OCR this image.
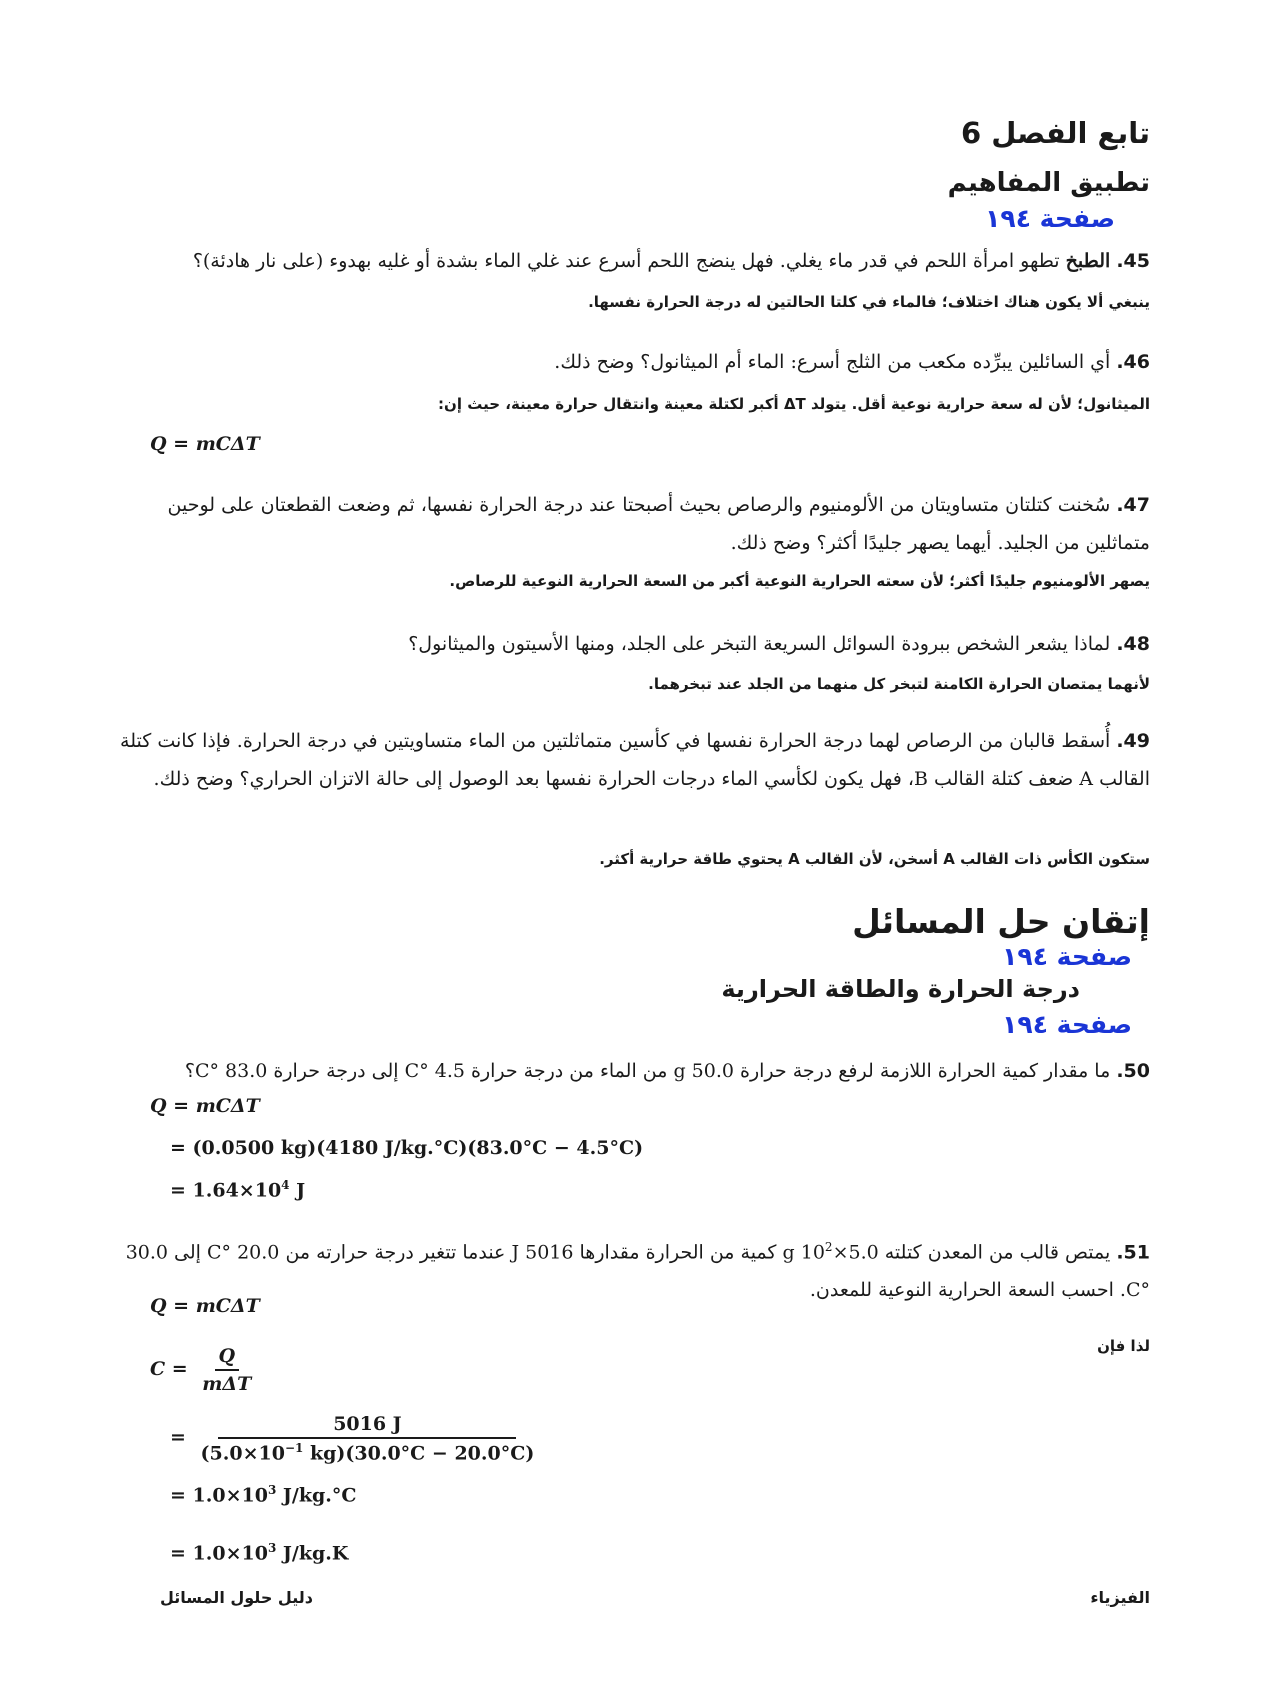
تابع الفصل 6
تطبيق المفاهيم
صفحة ١٩٤
45. الطبخ تطهو امرأة اللحم في قدر ماء يغلي. فهل ينضج اللحم أسرع عند غلي الماء بشدة أو غليه بهدوء (على نار هادئة)؟
ينبغي ألا يكون هناك اختلاف؛ فالماء في كلتا الحالتين له درجة الحرارة نفسها.
46. أي السائلين يبرِّده مكعب من الثلج أسرع: الماء أم الميثانول؟ وضح ذلك.
الميثانول؛ لأن له سعة حرارية نوعية أقل. يتولد ΔT أكبر لكتلة معينة وانتقال حرارة معينة، حيث إن:
Q = mCΔT
47. سُخنت كتلتان متساويتان من الألومنيوم والرصاص بحيث أصبحتا عند درجة الحرارة نفسها، ثم وضعت القطعتان على لوحين متماثلين من الجليد. أيهما يصهر جليدًا أكثر؟ وضح ذلك.
يصهر الألومنيوم جليدًا أكثر؛ لأن سعته الحرارية النوعية أكبر من السعة الحرارية النوعية للرصاص.
48. لماذا يشعر الشخص ببرودة السوائل السريعة التبخر على الجلد، ومنها الأسيتون والميثانول؟
لأنهما يمتصان الحرارة الكامنة لتبخر كل منهما من الجلد عند تبخرهما.
49. أُسقط قالبان من الرصاص لهما درجة الحرارة نفسها في كأسين متماثلتين من الماء متساويتين في درجة الحرارة. فإذا كانت كتلة القالب A ضعف كتلة القالب B، فهل يكون لكأسي الماء درجات الحرارة نفسها بعد الوصول إلى حالة الاتزان الحراري؟ وضح ذلك.
ستكون الكأس ذات القالب A أسخن، لأن القالب A يحتوي طاقة حرارية أكثر.
إتقان حل المسائل
صفحة ١٩٤
درجة الحرارة والطاقة الحرارية
صفحة ١٩٤
50. ما مقدار كمية الحرارة اللازمة لرفع درجة حرارة 50.0 g من الماء من درجة حرارة 4.5 °C إلى درجة حرارة 83.0 °C؟
Q = mCΔT
= (0.0500 kg)(4180 J/kg.°C)(83.0°C − 4.5°C)
= $1.64\times 10^4$ J
51. يمتص قالب من المعدن كتلته $5.0\times 10^2$ g كمية من الحرارة مقدارها 5016 J عندما تتغير درجة حرارته من 20.0 °C إلى 30.0 °C. احسب السعة الحرارية النوعية للمعدن.
Q = mCΔT
لذا فإن
$C = \frac{Q}{\text{mΔT}}$
= $\frac{5016 J}{(5.0\times 10^{-1} kg)(30.0^\circ C - 20.0^\circ C)}$
= $1.0\times 10^3$ J/kg.°C
= $1.0\times 10^3$ J/kg.K
الفيزياء
دليل حلول المسائل
